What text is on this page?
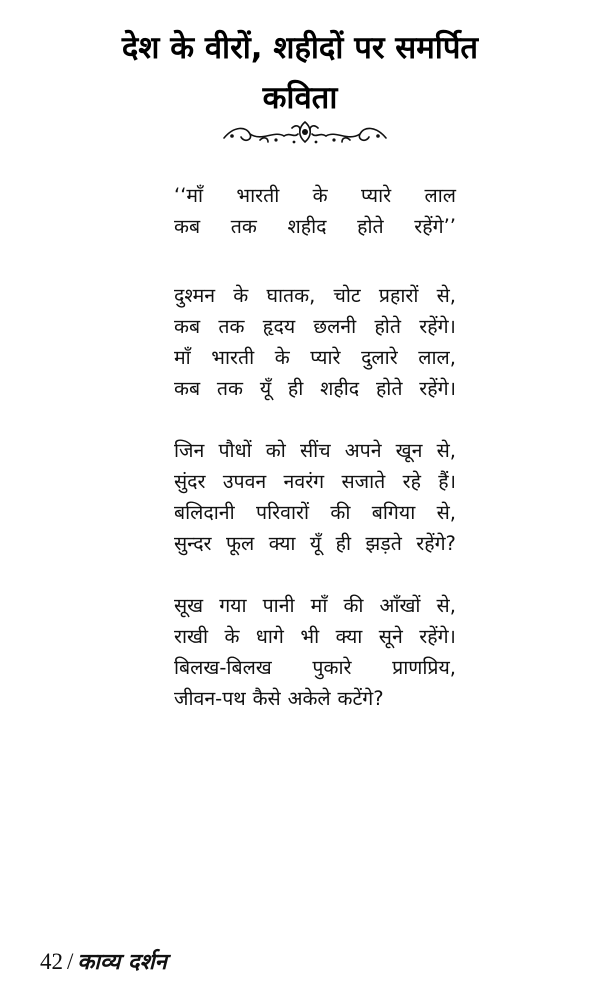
देश के वीरों, शहीदों पर समर्पित
कविता
‘‘माँ भारती के प्यारे लाल
कब तक शहीद होते रहेंगे’’
दुश्मन के घातक, चोट प्रहारों से,
कब तक हृदय छलनी होते रहेंगे।
माँ भारती के प्यारे दुलारे लाल,
कब तक यूँ ही शहीद होते रहेंगे।
जिन पौधों को सींच अपने खून से,
सुंदर उपवन नवरंग सजाते रहे हैं।
बलिदानी परिवारों की बगिया से,
सुन्दर फूल क्या यूँ ही झड़ते रहेंगे?
सूख गया पानी माँ की आँखों से,
राखी के धागे भी क्या सूने रहेंगे।
बिलख-बिलख पुकारे प्राणप्रिय,
जीवन-पथ कैसे अकेले कटेंगे?
42 / काव्य दर्शन
